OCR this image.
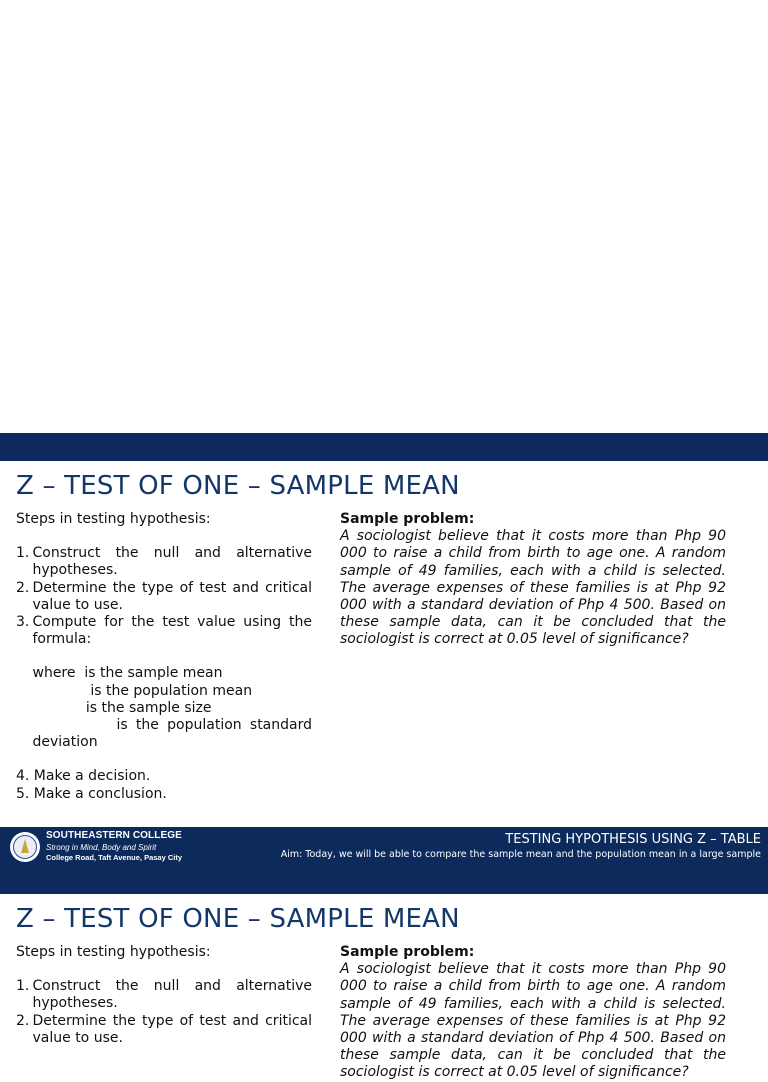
Z – TEST OF ONE – SAMPLE MEAN

Steps in testing hypothesis:

1. Construct the null and alternative hypotheses.
2. Determine the type of test and critical value to use.
3. Compute for the test value using the formula:
where  is the sample mean
is the population mean
is the sample size
is the population standard deviation
4. Make a decision.
5. Make a conclusion.
Sample problem:
A sociologist believe that it costs more than Php 90 000 to raise a child from birth to age one. A random sample of 49 families, each with a child is selected. The average expenses of these families is at Php 92 000 with a standard deviation of Php 4 500. Based on these sample data, can it be concluded that the sociologist is correct at 0.05 level of significance?
SOUTHEASTERN COLLEGE
Strong in Mind, Body and Spirit
College Road, Taft Avenue, Pasay City
TESTING HYPOTHESIS USING Z – TABLE
Aim: Today, we will be able to compare the sample mean and the population mean in a large sample
Z – TEST OF ONE – SAMPLE MEAN

Steps in testing hypothesis:

1. Construct the null and alternative hypotheses.
2. Determine the type of test and critical value to use.
Sample problem:
A sociologist believe that it costs more than Php 90 000 to raise a child from birth to age one. A random sample of 49 families, each with a child is selected. The average expenses of these families is at Php 92 000 with a standard deviation of Php 4 500. Based on these sample data, can it be concluded that the sociologist is correct at 0.05 level of significance?
